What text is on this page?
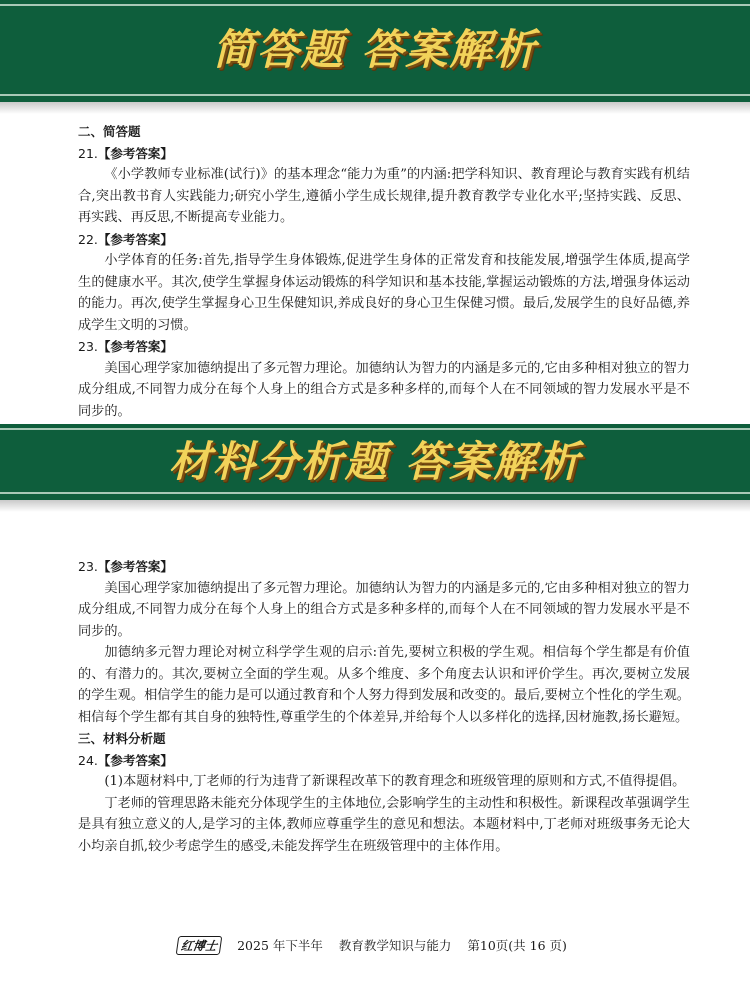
简答题 答案解析
二、简答题
21.【参考答案】

《小学教师专业标准(试行)》的基本理念“能力为重”的内涵:把学科知识、教育理论与教育实践有机结合,突出教书育人实践能力;研究小学生,遵循小学生成长规律,提升教育教学专业化水平;坚持实践、反思、再实践、再反思,不断提高专业能力。

22.【参考答案】

小学体育的任务:首先,指导学生身体锻炼,促进学生身体的正常发育和技能发展,增强学生体质,提高学生的健康水平。其次,使学生掌握身体运动锻炼的科学知识和基本技能,掌握运动锻炼的方法,增强身体运动的能力。再次,使学生掌握身心卫生保健知识,养成良好的身心卫生保健习惯。最后,发展学生的良好品德,养成学生文明的习惯。

23.【参考答案】

美国心理学家加德纳提出了多元智力理论。加德纳认为智力的内涵是多元的,它由多种相对独立的智力成分组成,不同智力成分在每个人身上的组合方式是多种多样的,而每个人在不同领域的智力发展水平是不同步的。

材料分析题 答案解析
23.【参考答案】

美国心理学家加德纳提出了多元智力理论。加德纳认为智力的内涵是多元的,它由多种相对独立的智力成分组成,不同智力成分在每个人身上的组合方式是多种多样的,而每个人在不同领域的智力发展水平是不同步的。

加德纳多元智力理论对树立科学学生观的启示:首先,要树立积极的学生观。相信每个学生都是有价值的、有潜力的。其次,要树立全面的学生观。从多个维度、多个角度去认识和评价学生。再次,要树立发展的学生观。相信学生的能力是可以通过教育和个人努力得到发展和改变的。最后,要树立个性化的学生观。相信每个学生都有其自身的独特性,尊重学生的个体差异,并给每个人以多样化的选择,因材施教,扬长避短。

三、材料分析题
24.【参考答案】

(1)本题材料中,丁老师的行为违背了新课程改革下的教育理念和班级管理的原则和方式,不值得提倡。

丁老师的管理思路未能充分体现学生的主体地位,会影响学生的主动性和积极性。新课程改革强调学生是具有独立意义的人,是学习的主体,教师应尊重学生的意见和想法。本题材料中,丁老师对班级事务无论大小均亲自抓,较少考虑学生的感受,未能发挥学生在班级管理中的主体作用。

红博士 2025 年下半年 教育教学知识与能力 第10页(共 16 页)
